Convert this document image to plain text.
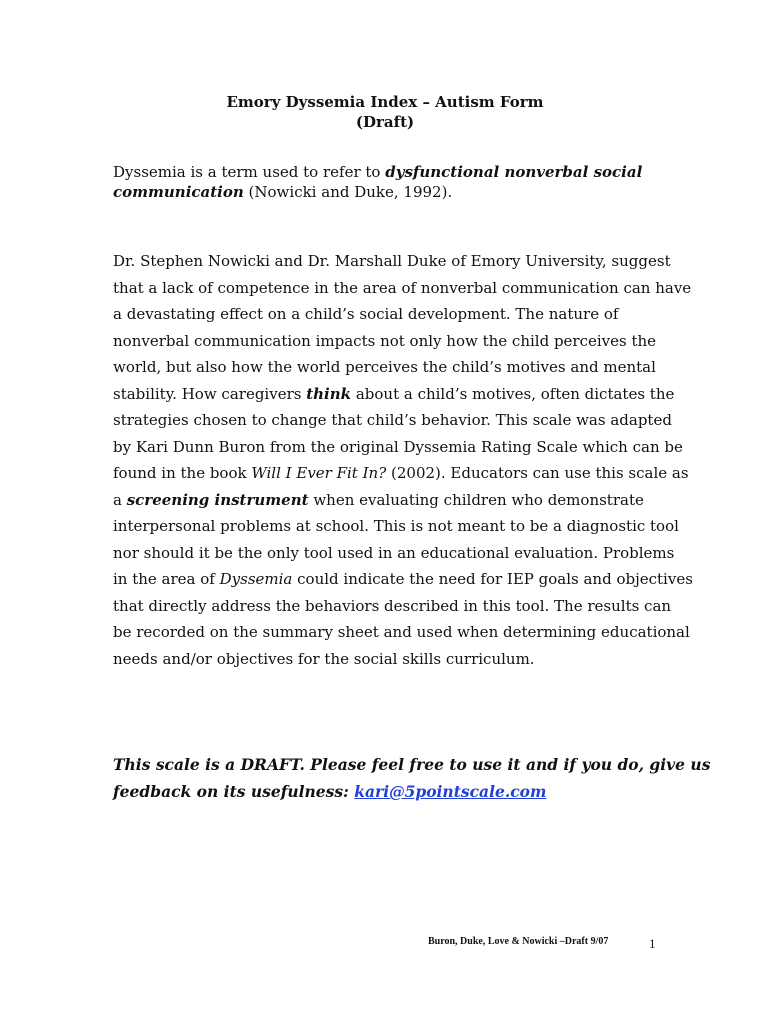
Emory Dyssemia Index – Autism Form
(Draft)

Dyssemia is a term used to refer to dysfunctional nonverbal social communication (Nowicki and Duke, 1992).

Dr. Stephen Nowicki and Dr. Marshall Duke of Emory University, suggest that a lack of competence in the area of nonverbal communication can have a devastating effect on a child’s social development. The nature of nonverbal communication impacts not only how the child perceives the world, but also how the world perceives the child’s motives and mental stability. How caregivers think about a child’s motives, often dictates the strategies chosen to change that child’s behavior. This scale was adapted by Kari Dunn Buron from the original Dyssemia Rating Scale which can be found in the book Will I Ever Fit In? (2002). Educators can use this scale as a screening instrument when evaluating children who demonstrate interpersonal problems at school. This is not meant to be a diagnostic tool nor should it be the only tool used in an educational evaluation. Problems in the area of Dyssemia could indicate the need for IEP goals and objectives that directly address the behaviors described in this tool. The results can be recorded on the summary sheet and used when determining educational needs and/or objectives for the social skills curriculum.

This scale is a DRAFT. Please feel free to use it and if you do, give us feedback on its usefulness: kari@5pointscale.com

Buron, Duke, Love & Nowicki –Draft 9/07	1
